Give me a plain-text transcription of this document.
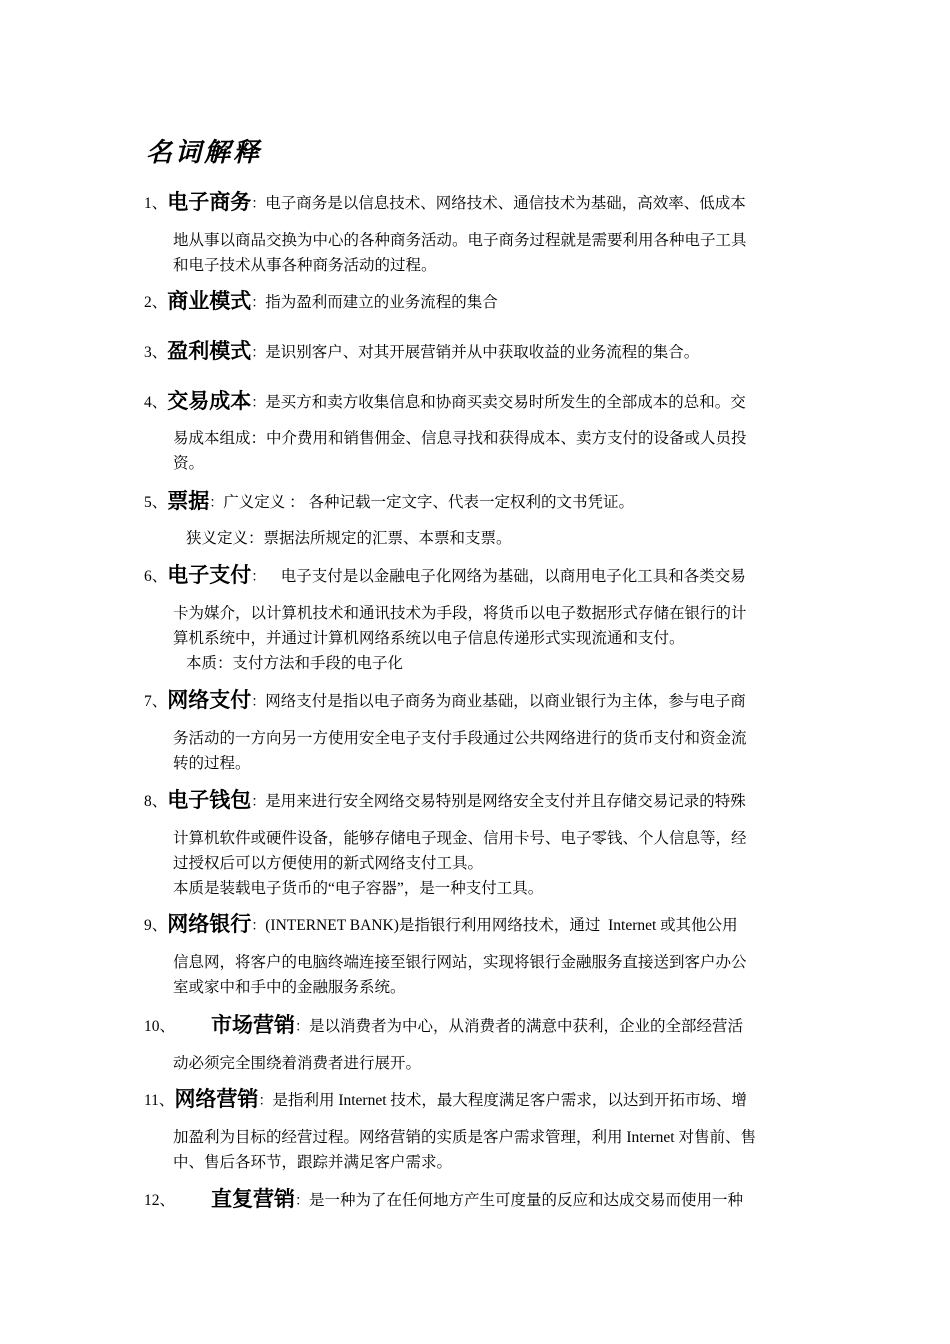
名词解释
1、电子商务：电子商务是以信息技术、网络技术、通信技术为基础，高效率、低成本
地从事以商品交换为中心的各种商务活动。电子商务过程就是需要利用各种电子工具
和电子技术从事各种商务活动的过程。
2、商业模式：指为盈利而建立的业务流程的集合
3、盈利模式：是识别客户、对其开展营销并从中获取收益的业务流程的集合。
4、交易成本：是买方和卖方收集信息和协商买卖交易时所发生的全部成本的总和。交
易成本组成：中介费用和销售佣金、信息寻找和获得成本、卖方支付的设备或人员投
资。
5、票据：广义定义 ： 各种记载一定文字、代表一定权利的文书凭证。
狭义定义：票据法所规定的汇票、本票和支票。
6、电子支付：    电子支付是以金融电子化网络为基础，以商用电子化工具和各类交易
卡为媒介，以计算机技术和通讯技术为手段，将货币以电子数据形式存储在银行的计
算机系统中，并通过计算机网络系统以电子信息传递形式实现流通和支付。
本质：支付方法和手段的电子化
7、网络支付：网络支付是指以电子商务为商业基础，以商业银行为主体，参与电子商
务活动的一方向另一方使用安全电子支付手段通过公共网络进行的货币支付和资金流
转的过程。
8、电子钱包：是用来进行安全网络交易特别是网络安全支付并且存储交易记录的特殊
计算机软件或硬件设备，能够存储电子现金、信用卡号、电子零钱、个人信息等，经
过授权后可以方便使用的新式网络支付工具。
本质是装载电子货币的“电子容器”，是一种支付工具。
9、网络银行：(INTERNET BANK)是指银行利用网络技术，通过  Internet 或其他公用
信息网，将客户的电脑终端连接至银行网站，实现将银行金融服务直接送到客户办公
室或家中和手中的金融服务系统。
10、 市场营销：是以消费者为中心，从消费者的满意中获利，企业的全部经营活
动必须完全围绕着消费者进行展开。
11、网络营销：是指利用 Internet 技术，最大程度满足客户需求，以达到开拓市场、增
加盈利为目标的经营过程。网络营销的实质是客户需求管理，利用 Internet 对售前、售
中、售后各环节，跟踪并满足客户需求。
12、 直复营销：是一种为了在任何地方产生可度量的反应和达成交易而使用一种
